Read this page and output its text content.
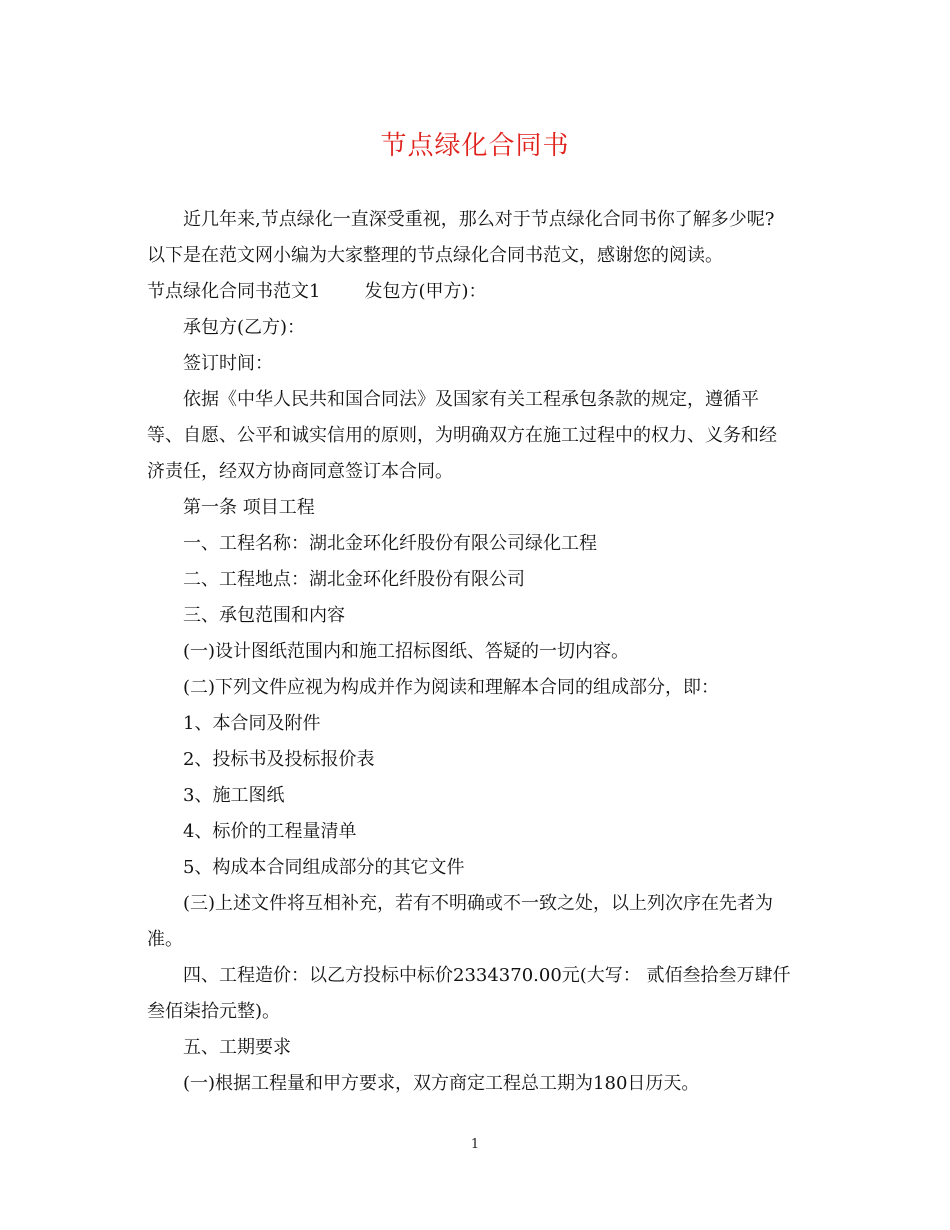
节点绿化合同书
近几年来,节点绿化一直深受重视，那么对于节点绿化合同书你了解多少呢?
以下是在范文网小编为大家整理的节点绿化合同书范文，感谢您的阅读。
节点绿化合同书范文1 发包方(甲方)：
承包方(乙方)：
签订时间：
依据《中华人民共和国合同法》及国家有关工程承包条款的规定，遵循平
等、自愿、公平和诚实信用的原则，为明确双方在施工过程中的权力、义务和经
济责任，经双方协商同意签订本合同。
第一条 项目工程
一、工程名称：湖北金环化纤股份有限公司绿化工程
二、工程地点：湖北金环化纤股份有限公司
三、承包范围和内容
(一)设计图纸范围内和施工招标图纸、答疑的一切内容。
(二)下列文件应视为构成并作为阅读和理解本合同的组成部分，即：
1、本合同及附件
2、投标书及投标报价表
3、施工图纸
4、标价的工程量清单
5、构成本合同组成部分的其它文件
(三)上述文件将互相补充，若有不明确或不一致之处，以上列次序在先者为
准。
四、工程造价：以乙方投标中标价2334370.00元(大写： 贰佰叁拾叁万肆仟
叁佰柒拾元整)。
五、工期要求
(一)根据工程量和甲方要求，双方商定工程总工期为180日历天。
1
